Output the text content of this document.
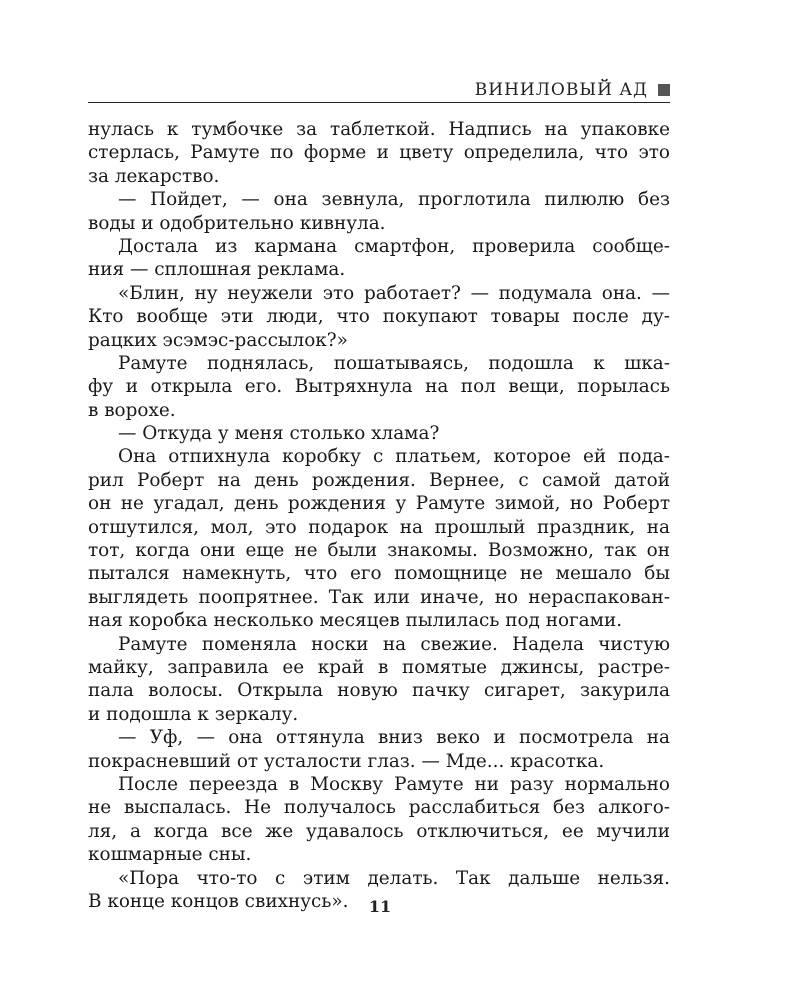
ВИНИЛОВЫЙ АД
нулась к тумбочке за таблеткой. Надпись на упаковке
стерлась, Рамуте по форме и цвету определила, что это
за лекарство.
— Пойдет, — она зевнула, проглотила пилюлю без
воды и одобрительно кивнула.
Достала из кармана смартфон, проверила сообще-
ния — сплошная реклама.
«Блин, ну неужели это работает? — подумала она. —
Кто вообще эти люди, что покупают товары после ду-
рацких эсэмэс-рассылок?»
Рамуте поднялась, пошатываясь, подошла к шка-
фу и открыла его. Вытряхнула на пол вещи, порылась
в ворохе.
— Откуда у меня столько хлама?
Она отпихнула коробку с платьем, которое ей пода-
рил Роберт на день рождения. Вернее, с самой датой
он не угадал, день рождения у Рамуте зимой, но Роберт
отшутился, мол, это подарок на прошлый праздник, на
тот, когда они еще не были знакомы. Возможно, так он
пытался намекнуть, что его помощнице не мешало бы
выглядеть поопрятнее. Так или иначе, но нераспакован-
ная коробка несколько месяцев пылилась под ногами.
Рамуте поменяла носки на свежие. Надела чистую
майку, заправила ее край в помятые джинсы, растре-
пала волосы. Открыла новую пачку сигарет, закурила
и подошла к зеркалу.
— Уф, — она оттянула вниз веко и посмотрела на
покрасневший от усталости глаз. — Мде... красотка.
После переезда в Москву Рамуте ни разу нормально
не выспалась. Не получалось расслабиться без алкого-
ля, а когда все же удавалось отключиться, ее мучили
кошмарные сны.
«Пора что-то с этим делать. Так дальше нельзя.
В конце концов свихнусь».	11
